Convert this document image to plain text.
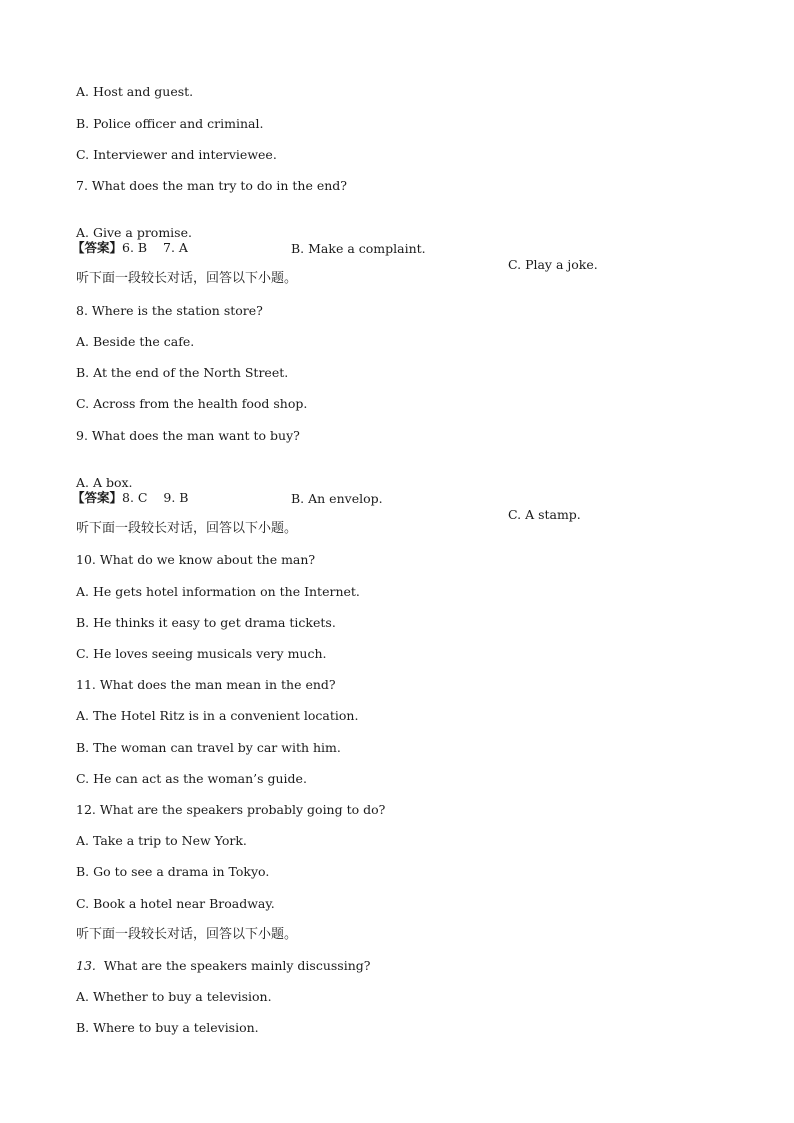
A. Host and guest.
B. Police officer and criminal.
C. Interviewer and interviewee.
7. What does the man try to do in the end?

A. Give a promise.

B. Make a complaint.

C. Play a joke.

【答案】6. B    7. A
听下面一段较长对话，回答以下小题。
8. Where is the station store?
A. Beside the cafe.
B. At the end of the North Street.
C. Across from the health food shop.
9. What does the man want to buy?

A. A box.

B. An envelop.

C. A stamp.

【答案】8. C    9. B
听下面一段较长对话，回答以下小题。
10. What do we know about the man?
A. He gets hotel information on the Internet.
B. He thinks it easy to get drama tickets.
C. He loves seeing musicals very much.
11. What does the man mean in the end?
A. The Hotel Ritz is in a convenient location.
B. The woman can travel by car with him.
C. He can act as the woman’s guide.
12. What are the speakers probably going to do?
A. Take a trip to New York.
B. Go to see a drama in Tokyo.
C. Book a hotel near Broadway.
听下面一段较长对话，回答以下小题。
13. What are the speakers mainly discussing?
A. Whether to buy a television.
B. Where to buy a television.
